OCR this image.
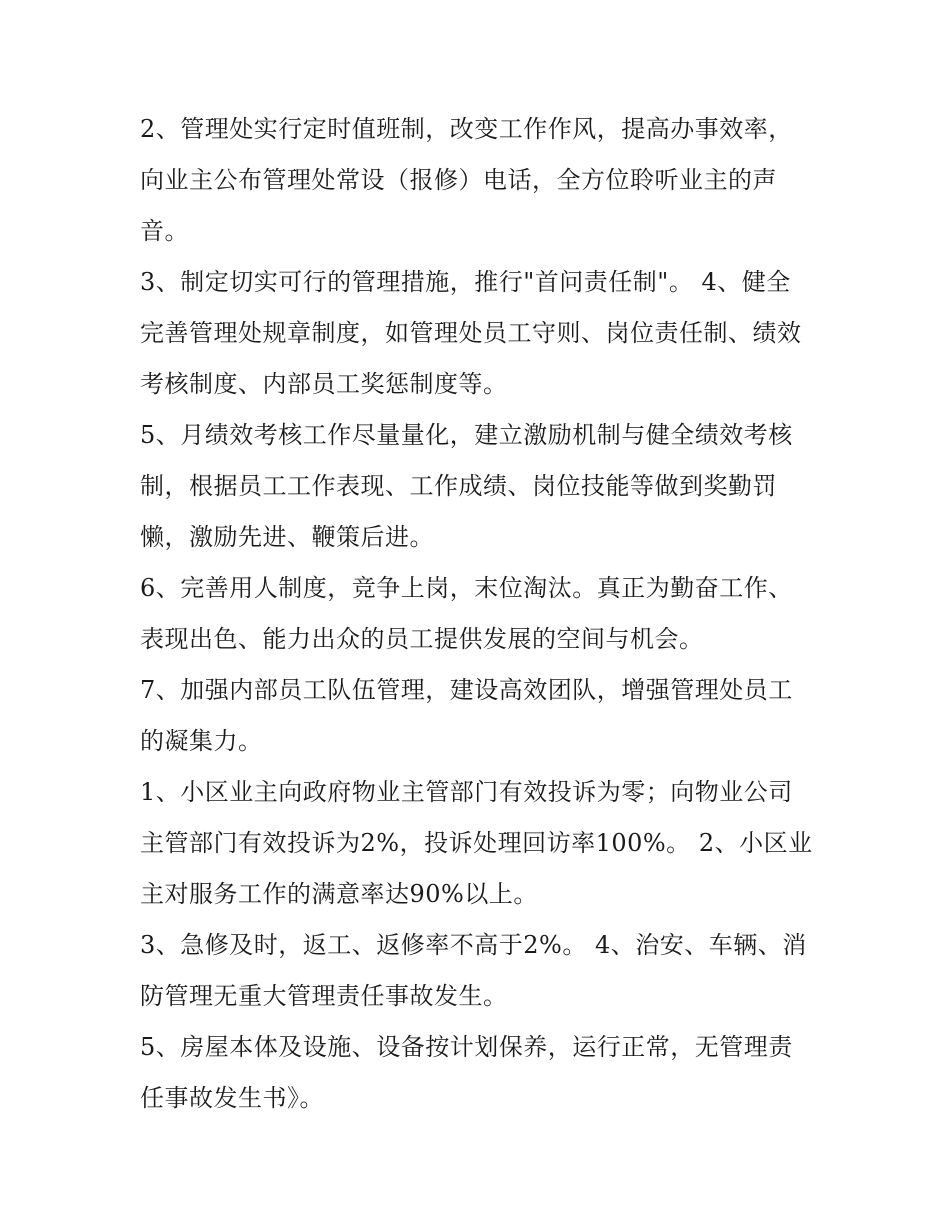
2、管理处实行定时值班制，改变工作作风，提高办事效率，
向业主公布管理处常设（报修）电话，全方位聆听业主的声
音。
3、制定切实可行的管理措施，推行"首问责任制"。 4、健全
完善管理处规章制度，如管理处员工守则、岗位责任制、绩效
考核制度、内部员工奖惩制度等。
5、月绩效考核工作尽量量化，建立激励机制与健全绩效考核
制，根据员工工作表现、工作成绩、岗位技能等做到奖勤罚
懒，激励先进、鞭策后进。
6、完善用人制度，竞争上岗，末位淘汰。真正为勤奋工作、
表现出色、能力出众的员工提供发展的空间与机会。
7、加强内部员工队伍管理，建设高效团队，增强管理处员工
的凝集力。
1、小区业主向政府物业主管部门有效投诉为零；向物业公司
主管部门有效投诉为2%，投诉处理回访率100%。 2、小区业
主对服务工作的满意率达90%以上。
3、急修及时，返工、返修率不高于2%。 4、治安、车辆、消
防管理无重大管理责任事故发生。
5、房屋本体及设施、设备按计划保养，运行正常，无管理责
任事故发生书》。
